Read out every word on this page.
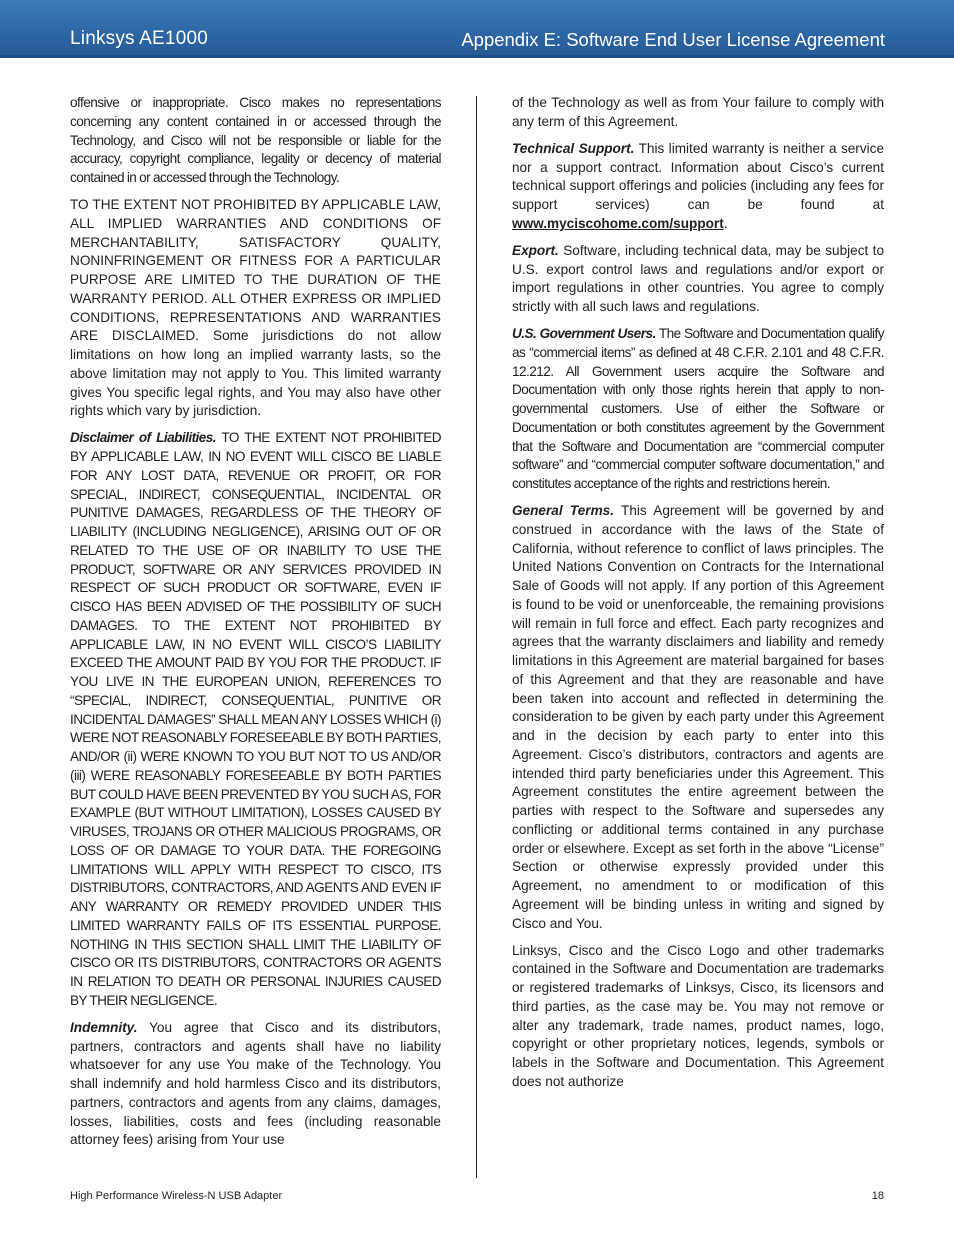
Linksys AE1000	Appendix E: Software End User License Agreement

offensive or inappropriate. Cisco makes no representations concerning any content contained in or accessed through the Technology, and Cisco will not be responsible or liable for the accuracy, copyright compliance, legality or decency of material contained in or accessed through the Technology.

TO THE EXTENT NOT PROHIBITED BY APPLICABLE LAW, ALL IMPLIED WARRANTIES AND CONDITIONS OF MERCHANTABILITY, SATISFACTORY QUALITY, NONINFRINGEMENT OR FITNESS FOR A PARTICULAR PURPOSE ARE LIMITED TO THE DURATION OF THE WARRANTY PERIOD. ALL OTHER EXPRESS OR IMPLIED CONDITIONS, REPRESENTATIONS AND WARRANTIES ARE DISCLAIMED. Some jurisdictions do not allow limitations on how long an implied warranty lasts, so the above limitation may not apply to You. This limited warranty gives You specific legal rights, and You may also have other rights which vary by jurisdiction.

Disclaimer of Liabilities. TO THE EXTENT NOT PROHIBITED BY APPLICABLE LAW, IN NO EVENT WILL CISCO BE LIABLE FOR ANY LOST DATA, REVENUE OR PROFIT, OR FOR SPECIAL, INDIRECT, CONSEQUENTIAL, INCIDENTAL OR PUNITIVE DAMAGES, REGARDLESS OF THE THEORY OF LIABILITY (INCLUDING NEGLIGENCE), ARISING OUT OF OR RELATED TO THE USE OF OR INABILITY TO USE THE PRODUCT, SOFTWARE OR ANY SERVICES PROVIDED IN RESPECT OF SUCH PRODUCT OR SOFTWARE, EVEN IF CISCO HAS BEEN ADVISED OF THE POSSIBILITY OF SUCH DAMAGES. TO THE EXTENT NOT PROHIBITED BY APPLICABLE LAW, IN NO EVENT WILL CISCO’S LIABILITY EXCEED THE AMOUNT PAID BY YOU FOR THE PRODUCT. IF YOU LIVE IN THE EUROPEAN UNION, REFERENCES TO “SPECIAL, INDIRECT, CONSEQUENTIAL, PUNITIVE OR INCIDENTAL DAMAGES” SHALL MEAN ANY LOSSES WHICH (i) WERE NOT REASONABLY FORESEEABLE BY BOTH PARTIES, AND/OR (ii) WERE KNOWN TO YOU BUT NOT TO US AND/OR (iii) WERE REASONABLY FORESEEABLE BY BOTH PARTIES BUT COULD HAVE BEEN PREVENTED BY YOU SUCH AS, FOR EXAMPLE (BUT WITHOUT LIMITATION), LOSSES CAUSED BY VIRUSES, TROJANS OR OTHER MALICIOUS PROGRAMS, OR LOSS OF OR DAMAGE TO YOUR DATA. THE FOREGOING LIMITATIONS WILL APPLY WITH RESPECT TO CISCO, ITS DISTRIBUTORS, CONTRACTORS, AND AGENTS AND EVEN IF ANY WARRANTY OR REMEDY PROVIDED UNDER THIS LIMITED WARRANTY FAILS OF ITS ESSENTIAL PURPOSE. NOTHING IN THIS SECTION SHALL LIMIT THE LIABILITY OF CISCO OR ITS DISTRIBUTORS, CONTRACTORS OR AGENTS IN RELATION TO DEATH OR PERSONAL INJURIES CAUSED BY THEIR NEGLIGENCE.

Indemnity. You agree that Cisco and its distributors, partners, contractors and agents shall have no liability whatsoever for any use You make of the Technology. You shall indemnify and hold harmless Cisco and its distributors, partners, contractors and agents from any claims, damages, losses, liabilities, costs and fees (including reasonable attorney fees) arising from Your use

of the Technology as well as from Your failure to comply with any term of this Agreement.

Technical Support. This limited warranty is neither a service nor a support contract. Information about Cisco’s current technical support offerings and policies (including any fees for support services) can be found at www.myciscohome.com/support.

Export. Software, including technical data, may be subject to U.S. export control laws and regulations and/or export or import regulations in other countries. You agree to comply strictly with all such laws and regulations.

U.S. Government Users. The Software and Documentation qualify as “commercial items” as defined at 48 C.F.R. 2.101 and 48 C.F.R. 12.212. All Government users acquire the Software and Documentation with only those rights herein that apply to non-governmental customers. Use of either the Software or Documentation or both constitutes agreement by the Government that the Software and Documentation are “commercial computer software” and “commercial computer software documentation,” and constitutes acceptance of the rights and restrictions herein.

General Terms. This Agreement will be governed by and construed in accordance with the laws of the State of California, without reference to conflict of laws principles. The United Nations Convention on Contracts for the International Sale of Goods will not apply. If any portion of this Agreement is found to be void or unenforceable, the remaining provisions will remain in full force and effect. Each party recognizes and agrees that the warranty disclaimers and liability and remedy limitations in this Agreement are material bargained for bases of this Agreement and that they are reasonable and have been taken into account and reflected in determining the consideration to be given by each party under this Agreement and in the decision by each party to enter into this Agreement. Cisco’s distributors, contractors and agents are intended third party beneficiaries under this Agreement. This Agreement constitutes the entire agreement between the parties with respect to the Software and supersedes any conflicting or additional terms contained in any purchase order or elsewhere. Except as set forth in the above “License” Section or otherwise expressly provided under this Agreement, no amendment to or modification of this Agreement will be binding unless in writing and signed by Cisco and You.

Linksys, Cisco and the Cisco Logo and other trademarks contained in the Software and Documentation are trademarks or registered trademarks of Linksys, Cisco, its licensors and third parties, as the case may be. You may not remove or alter any trademark, trade names, product names, logo, copyright or other proprietary notices, legends, symbols or labels in the Software and Documentation. This Agreement does not authorize

High Performance Wireless-N USB Adapter	18
